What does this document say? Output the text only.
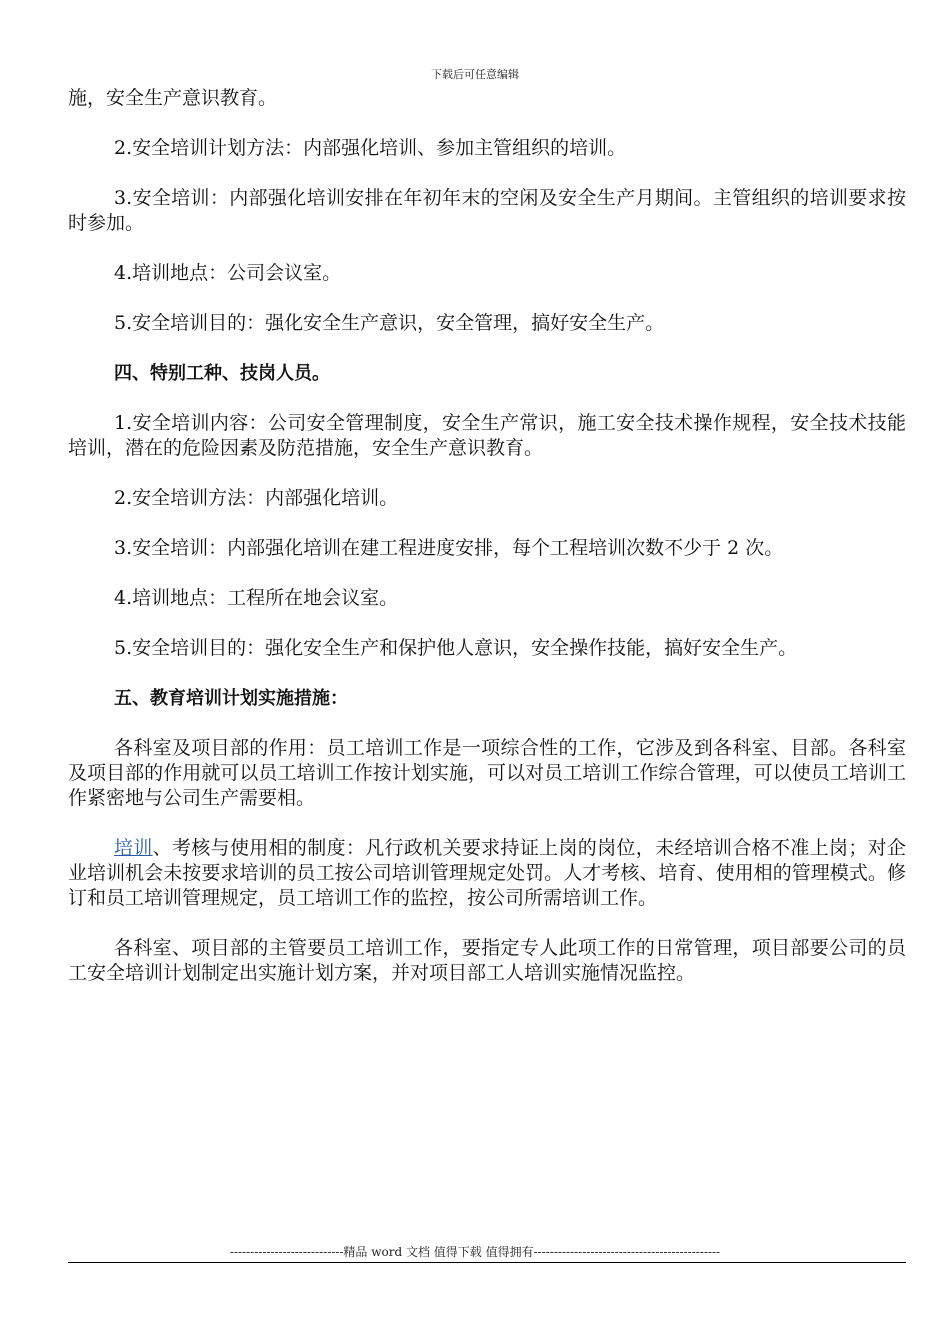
下载后可任意编辑

施，安全生产意识教育。

2.安全培训计划方法：内部强化培训、参加主管组织的培训。

3.安全培训：内部强化培训安排在年初年末的空闲及安全生产月期间。主管组织的培训要求按时参加。

4.培训地点：公司会议室。

5.安全培训目的：强化安全生产意识，安全管理，搞好安全生产。

四、特别工种、技岗人员。

1.安全培训内容：公司安全管理制度，安全生产常识，施工安全技术操作规程，安全技术技能培训，潜在的危险因素及防范措施，安全生产意识教育。

2.安全培训方法：内部强化培训。

3.安全培训：内部强化培训在建工程进度安排，每个工程培训次数不少于 2 次。

4.培训地点：工程所在地会议室。

5.安全培训目的：强化安全生产和保护他人意识，安全操作技能，搞好安全生产。

五、教育培训计划实施措施：

各科室及项目部的作用：员工培训工作是一项综合性的工作，它涉及到各科室、目部。各科室及项目部的作用就可以员工培训工作按计划实施，可以对员工培训工作综合管理，可以使员工培训工作紧密地与公司生产需要相。

培训、考核与使用相的制度：凡行政机关要求持证上岗的岗位，未经培训合格不准上岗；对企业培训机会未按要求培训的员工按公司培训管理规定处罚。人才考核、培育、使用相的管理模式。修订和员工培训管理规定，员工培训工作的监控，按公司所需培训工作。

各科室、项目部的主管要员工培训工作，要指定专人此项工作的日常管理，项目部要公司的员工安全培训计划制定出实施计划方案，并对项目部工人培训实施情况监控。

----------------------------精品 word 文档 值得下载 值得拥有----------------------------------------------
